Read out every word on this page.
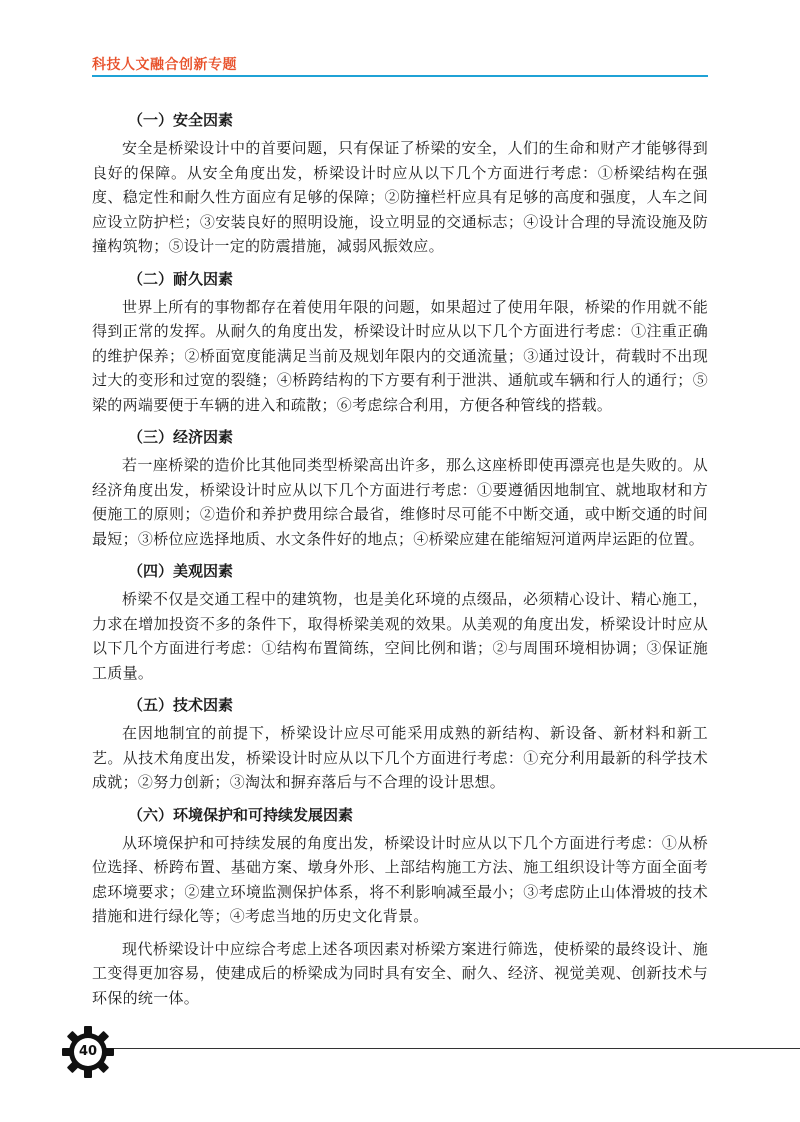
科技人文融合创新专题
（一）安全因素

安全是桥梁设计中的首要问题，只有保证了桥梁的安全，人们的生命和财产才能够得到良好的保障。从安全角度出发，桥梁设计时应从以下几个方面进行考虑：①桥梁结构在强度、稳定性和耐久性方面应有足够的保障；②防撞栏杆应具有足够的高度和强度，人车之间应设立防护栏；③安装良好的照明设施，设立明显的交通标志；④设计合理的导流设施及防撞构筑物；⑤设计一定的防震措施，减弱风振效应。

（二）耐久因素

世界上所有的事物都存在着使用年限的问题，如果超过了使用年限，桥梁的作用就不能得到正常的发挥。从耐久的角度出发，桥梁设计时应从以下几个方面进行考虑：①注重正确的维护保养；②桥面宽度能满足当前及规划年限内的交通流量；③通过设计，荷载时不出现过大的变形和过宽的裂缝；④桥跨结构的下方要有利于泄洪、通航或车辆和行人的通行；⑤梁的两端要便于车辆的进入和疏散；⑥考虑综合利用，方便各种管线的搭载。

（三）经济因素

若一座桥梁的造价比其他同类型桥梁高出许多，那么这座桥即使再漂亮也是失败的。从经济角度出发，桥梁设计时应从以下几个方面进行考虑：①要遵循因地制宜、就地取材和方便施工的原则；②造价和养护费用综合最省，维修时尽可能不中断交通，或中断交通的时间最短；③桥位应选择地质、水文条件好的地点；④桥梁应建在能缩短河道两岸运距的位置。

（四）美观因素

桥梁不仅是交通工程中的建筑物，也是美化环境的点缀品，必须精心设计、精心施工，力求在增加投资不多的条件下，取得桥梁美观的效果。从美观的角度出发，桥梁设计时应从以下几个方面进行考虑：①结构布置简练，空间比例和谐；②与周围环境相协调；③保证施工质量。

（五）技术因素

在因地制宜的前提下，桥梁设计应尽可能采用成熟的新结构、新设备、新材料和新工艺。从技术角度出发，桥梁设计时应从以下几个方面进行考虑：①充分利用最新的科学技术成就；②努力创新；③淘汰和摒弃落后与不合理的设计思想。

（六）环境保护和可持续发展因素

从环境保护和可持续发展的角度出发，桥梁设计时应从以下几个方面进行考虑：①从桥位选择、桥跨布置、基础方案、墩身外形、上部结构施工方法、施工组织设计等方面全面考虑环境要求；②建立环境监测保护体系，将不利影响减至最小；③考虑防止山体滑坡的技术措施和进行绿化等；④考虑当地的历史文化背景。

现代桥梁设计中应综合考虑上述各项因素对桥梁方案进行筛选，使桥梁的最终设计、施工变得更加容易，使建成后的桥梁成为同时具有安全、耐久、经济、视觉美观、创新技术与环保的统一体。

40
